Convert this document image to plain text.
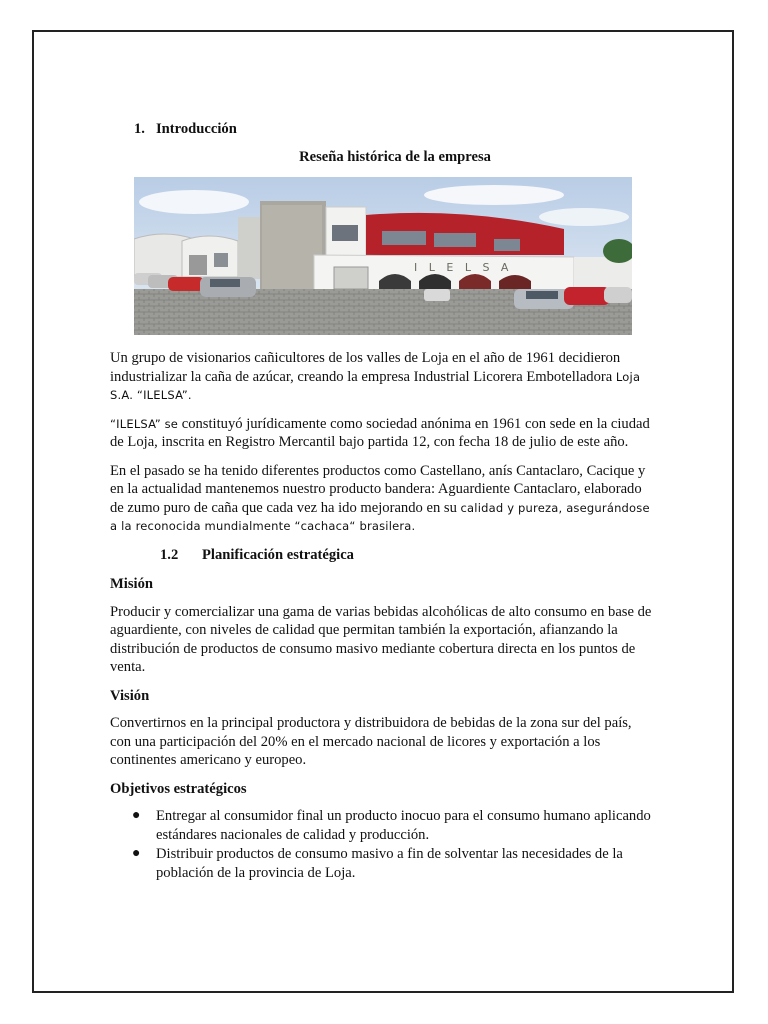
1. Introducción
Reseña histórica de la empresa
I L E L S A

Un grupo de visionarios cañicultores de los valles de Loja en el año de 1961 decidieron industrializar la caña de azúcar, creando la empresa Industrial Licorera Embotelladora Loja S.A. “ILELSA”.

“ILELSA” se constituyó jurídicamente como sociedad anónima en 1961 con sede en la ciudad de Loja, inscrita en Registro Mercantil bajo partida 12, con fecha 18 de julio de este año.

En el pasado se ha tenido diferentes productos como Castellano, anís Cantaclaro, Cacique y en la actualidad mantenemos nuestro producto bandera: Aguardiente Cantaclaro, elaborado de zumo puro de caña que cada vez ha ido mejorando en su calidad y pureza, asegurándose a la reconocida mundialmente “cachaca“ brasilera.

1.2 Planificación estratégica
Misión

Producir y comercializar una gama de varias bebidas alcohólicas de alto consumo en base de aguardiente, con niveles de calidad que permitan también la exportación, afianzando la distribución de productos de consumo masivo mediante cobertura directa en los puntos de venta.

Visión

Convertirnos en la principal productora y distribuidora de bebidas de la zona sur del país, con una participación del 20% en el mercado nacional de licores y exportación a los continentes americano y europeo.

Objetivos estratégicos
● Entregar al consumidor final un producto inocuo para el consumo humano aplicando estándares nacionales de calidad y producción.
● Distribuir productos de consumo masivo a fin de solventar las necesidades de la población de la provincia de Loja.
